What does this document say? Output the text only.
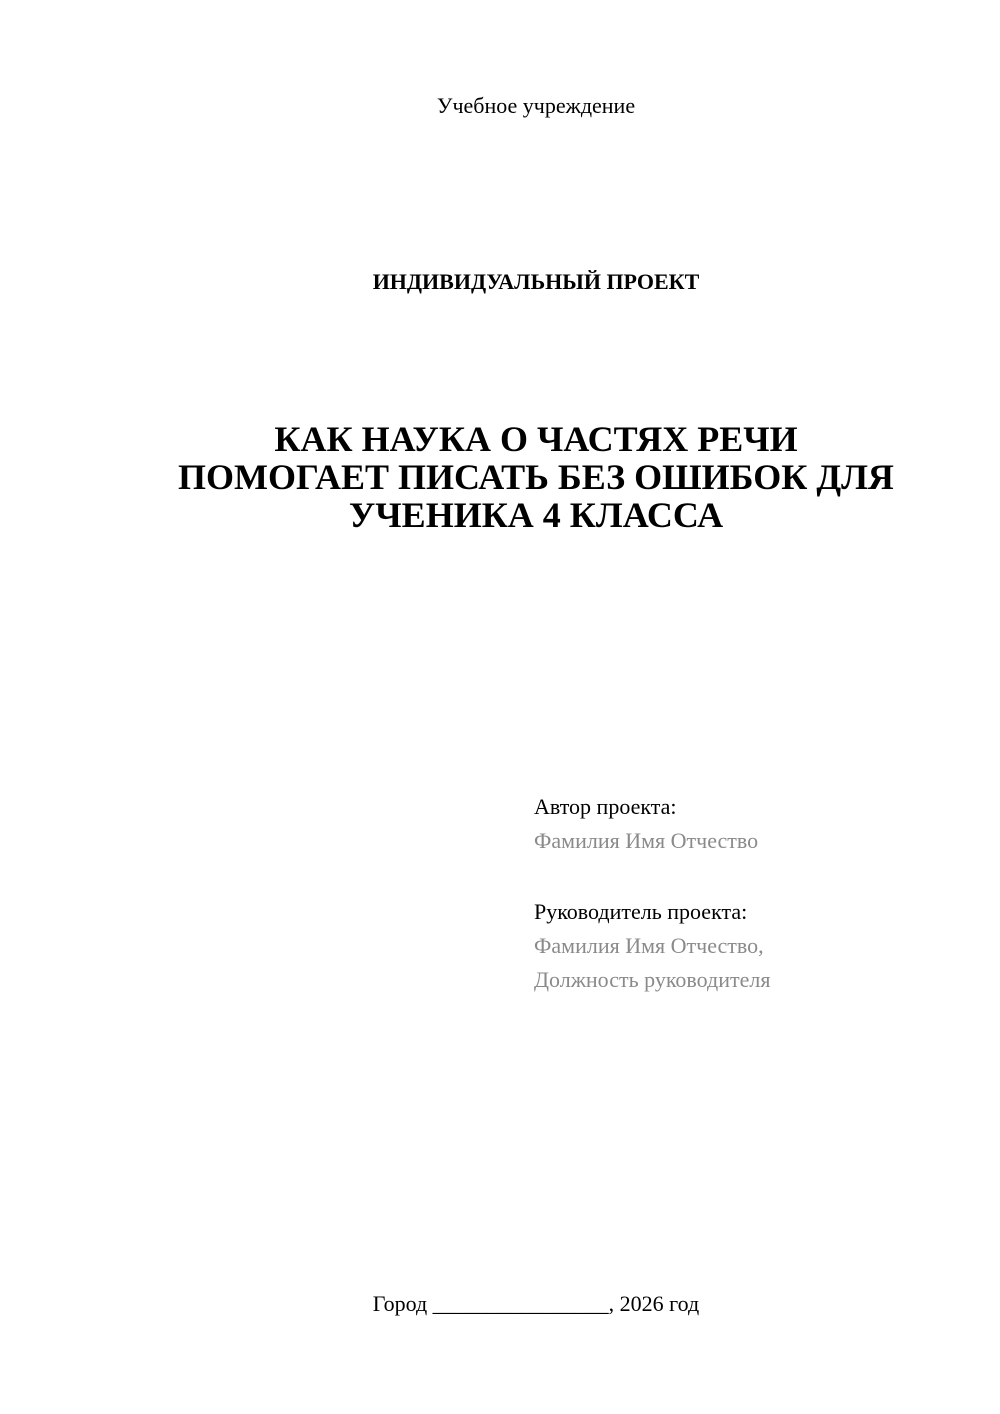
Учебное учреждение
ИНДИВИДУАЛЬНЫЙ ПРОЕКТ
КАК НАУКА О ЧАСТЯХ РЕЧИ
ПОМОГАЕТ ПИСАТЬ БЕЗ ОШИБОК ДЛЯ
УЧЕНИКА 4 КЛАССА
Автор проекта:
Фамилия Имя Отчество
Руководитель проекта:
Фамилия Имя Отчество,
Должность руководителя
Город ________________, 2026 год
